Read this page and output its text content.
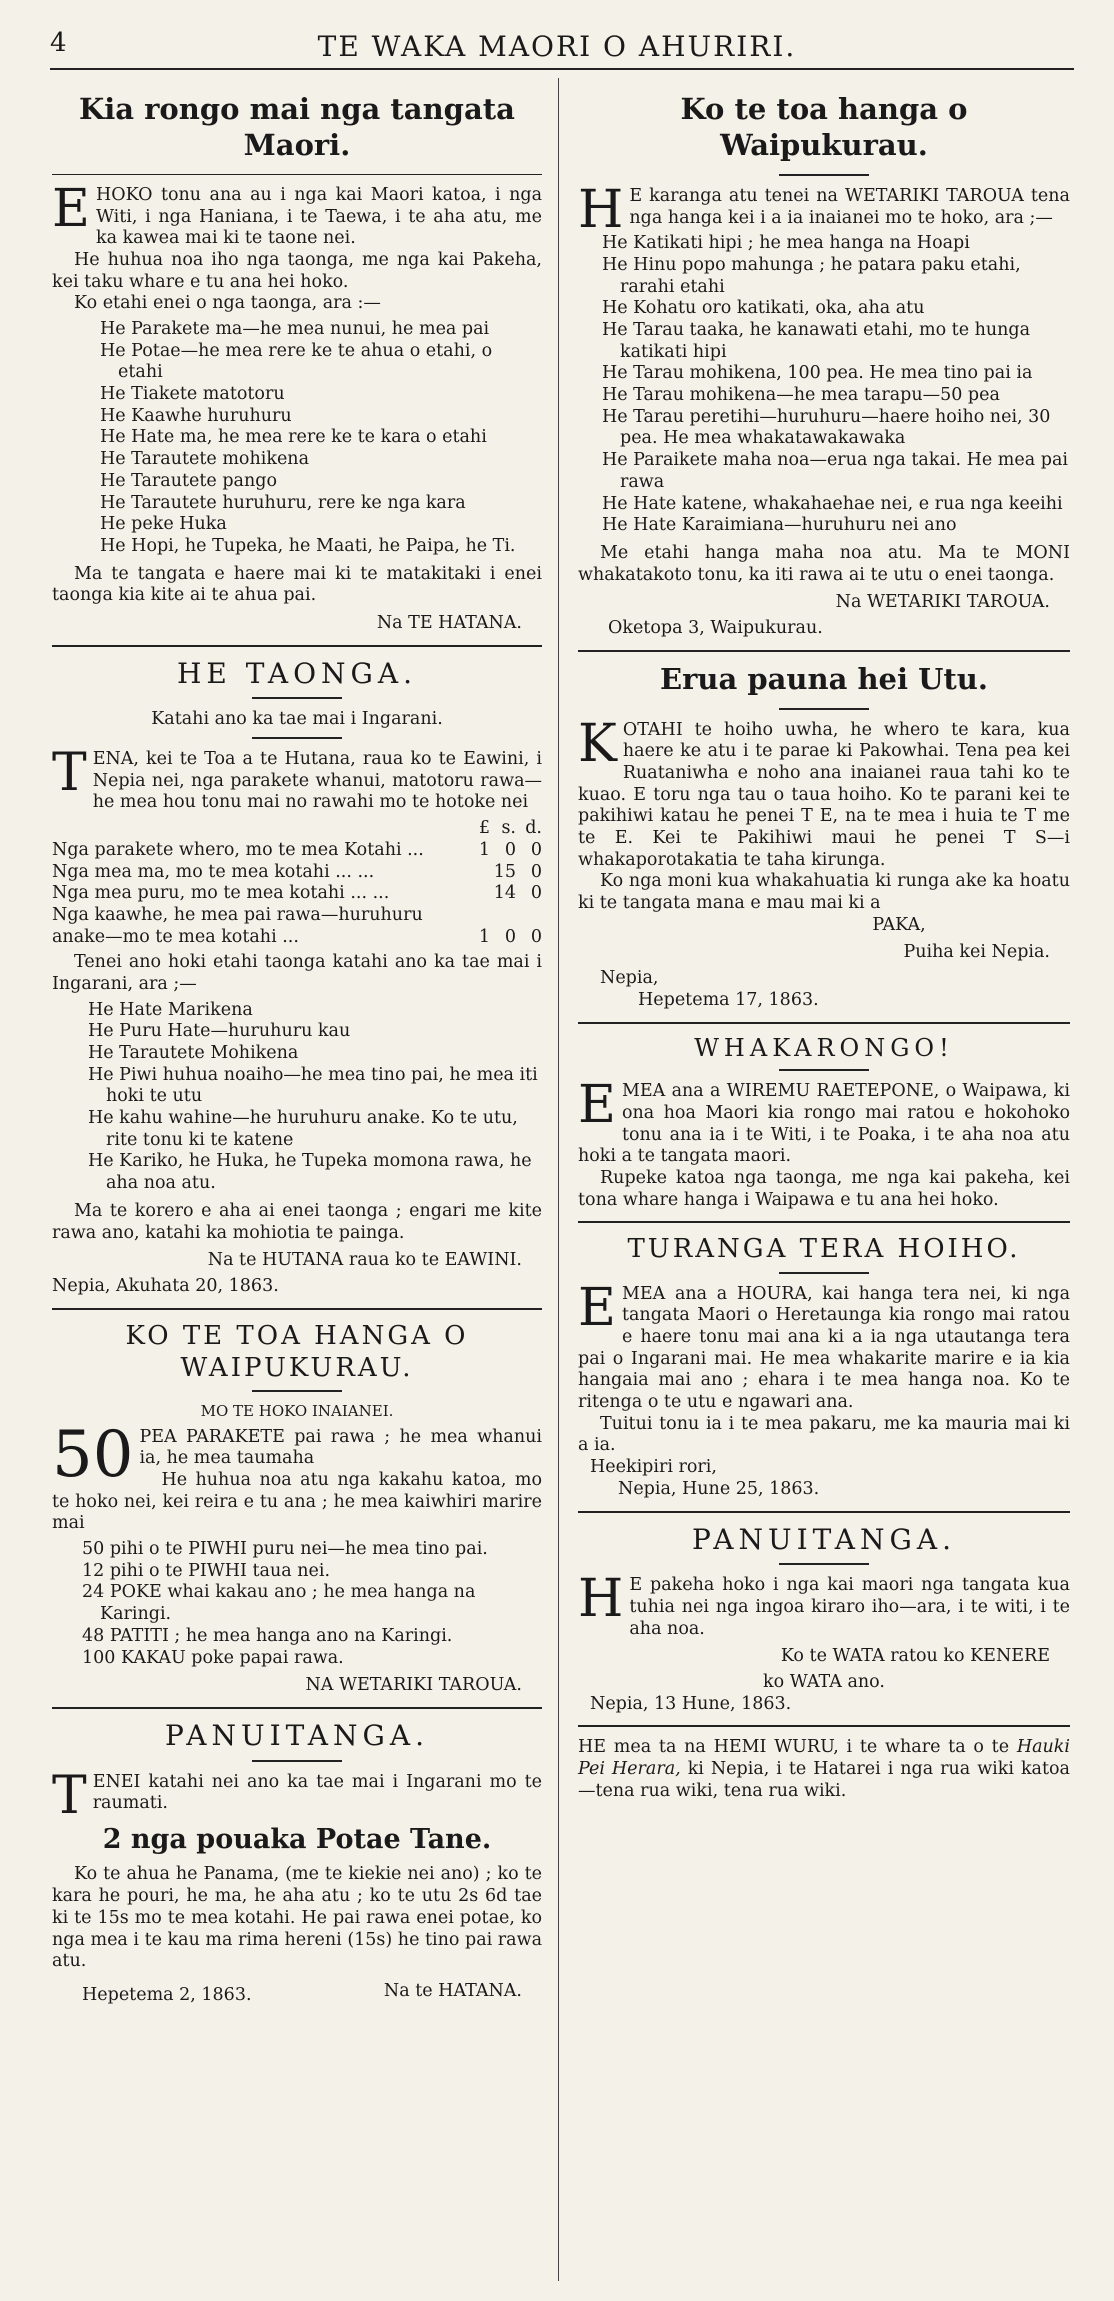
4	TE WAKA MAORI O AHURIRI.
Kia rongo mai nga tangata Maori.

EHOKO tonu ana au i nga kai Maori katoa, i nga Witi, i nga Haniana, i te Taewa, i te aha atu, me ka kawea mai ki te taone nei.

He huhua noa iho nga taonga, me nga kai Pakeha, kei taku whare e tu ana hei hoko.

Ko etahi enei o nga taonga, ara :—

He Parakete ma—he mea nunui, he mea pai
He Potae—he mea rere ke te ahua o etahi, o etahi
He Tiakete matotoru
He Kaawhe huruhuru
He Hate ma, he mea rere ke te kara o etahi
He Tarautete mohikena
He Tarautete pango
He Tarautete huruhuru, rere ke nga kara
He peke Huka
He Hopi, he Tupeka, he Maati, he Paipa, he Ti.

Ma te tangata e haere mai ki te matakitaki i enei taonga kia kite ai te ahua pai.

Na TE HATANA.
HE TAONGA.
Katahi ano ka tae mai i Ingarani.

TENA, kei te Toa a te Hutana, raua ko te Eawini, i Nepia nei, nga parakete whanui, matotoru rawa—he mea hou tonu mai no rawahi mo te hotoke nei

	£	s.	d.
Nga parakete whero, mo te mea Kotahi ...	1	0	0
Nga mea ma, mo te mea kotahi ... ...		15	0
Nga mea puru, mo te mea kotahi ... ...		14	0
Nga kaawhe, he mea pai rawa—huruhuru anake—mo te mea kotahi ...	1	0	0

Tenei ano hoki etahi taonga katahi ano ka tae mai i Ingarani, ara ;—

He Hate Marikena
He Puru Hate—huruhuru kau
He Tarautete Mohikena
He Piwi huhua noaiho—he mea tino pai, he mea iti hoki te utu
He kahu wahine—he huruhuru anake. Ko te utu, rite tonu ki te katene
He Kariko, he Huka, he Tupeka momona rawa, he aha noa atu.

Ma te korero e aha ai enei taonga ; engari me kite rawa ano, katahi ka mohiotia te painga.

Na te HUTANA raua ko te EAWINI.
Nepia, Akuhata 20, 1863.
KO TE TOA HANGA O WAIPUKURAU.
MO TE HOKO INAIANEI.

50 PEA PARAKETE pai rawa ; he mea whanui ia, he mea taumaha

He huhua noa atu nga kakahu katoa, mo te hoko nei, kei reira e tu ana ; he mea kaiwhiri marire mai

50 pihi o te PIWHI puru nei—he mea tino pai.
12 pihi o te PIWHI taua nei.
24 POKE whai kakau ano ; he mea hanga na Karingi.
48 PATITI ; he mea hanga ano na Karingi.
100 KAKAU poke papai rawa.
NA WETARIKI TAROUA.
PANUITANGA.

TENEI katahi nei ano ka tae mai i Ingarani mo te raumati.

2 nga pouaka Potae Tane.

Ko te ahua he Panama, (me te kiekie nei ano) ; ko te kara he pouri, he ma, he aha atu ; ko te utu 2s 6d tae ki te 15s mo te mea kotahi. He pai rawa enei potae, ko nga mea i te kau ma rima hereni (15s) he tino pai rawa atu.

Hepetema 2, 1863.	Na te HATANA.
Ko te toa hanga o Waipukurau.

H E karanga atu tenei na WETARIKI TAROUA tena nga hanga kei i a ia inaianei mo te hoko, ara ;—

He Katikati hipi ; he mea hanga na Hoapi
He Hinu popo mahunga ; he patara paku etahi, rarahi etahi
He Kohatu oro katikati, oka, aha atu
He Tarau taaka, he kanawati etahi, mo te hunga katikati hipi
He Tarau mohikena, 100 pea. He mea tino pai ia
He Tarau mohikena—he mea tarapu—50 pea
He Tarau peretihi—huruhuru—haere hoiho nei, 30 pea. He mea whakatawakawaka
He Paraikete maha noa—erua nga takai. He mea pai rawa
He Hate katene, whakahaehae nei, e rua nga keeihi
He Hate Karaimiana—huruhuru nei ano

Me etahi hanga maha noa atu. Ma te MONI whakatakoto tonu, ka iti rawa ai te utu o enei taonga.

Na WETARIKI TAROUA.
Oketopa 3, Waipukurau.
Erua pauna hei Utu.

KOTAHI te hoiho uwha, he whero te kara, kua haere ke atu i te parae ki Pakowhai. Tena pea kei Ruataniwha e noho ana inaianei raua tahi ko te kuao. E toru nga tau o taua hoiho. Ko te parani kei te pakihiwi katau he penei T E, na te mea i huia te T me te E. Kei te Pakihiwi maui he penei T S—i whakaporotakatia te taha kirunga.

Ko nga moni kua whakahuatia ki runga ake ka hoatu ki te tangata mana e mau mai ki a

PAKA,
Puiha kei Nepia.
Nepia,
Hepetema 17, 1863.
WHAKARONGO!

EMEA ana a WIREMU RAETEPONE, o Waipawa, ki ona hoa Maori kia rongo mai ratou e hokohoko tonu ana ia i te Witi, i te Poaka, i te aha noa atu hoki a te tangata maori.

Rupeke katoa nga taonga, me nga kai pakeha, kei tona whare hanga i Waipawa e tu ana hei hoko.

TURANGA TERA HOIHO.

EMEA ana a HOURA, kai hanga tera nei, ki nga tangata Maori o Heretaunga kia rongo mai ratou e haere tonu mai ana ki a ia nga utautanga tera pai o Ingarani mai. He mea whakarite marire e ia kia hangaia mai ano ; ehara i te mea hanga noa. Ko te ritenga o te utu e ngawari ana.

Tuitui tonu ia i te mea pakaru, me ka mauria mai ki a ia.

Heekipiri rori,
Nepia, Hune 25, 1863.
PANUITANGA.

H E pakeha hoko i nga kai maori nga tangata kua tuhia nei nga ingoa kiraro iho—ara, i te witi, i te aha noa.

Ko te WATA ratou ko KENERE
ko WATA ano.
Nepia, 13 Hune, 1863.

HE mea ta na HEMI WURU, i te whare ta o te Hauki Pei Herara, ki Nepia, i te Hatarei i nga rua wiki katoa—tena rua wiki, tena rua wiki.
